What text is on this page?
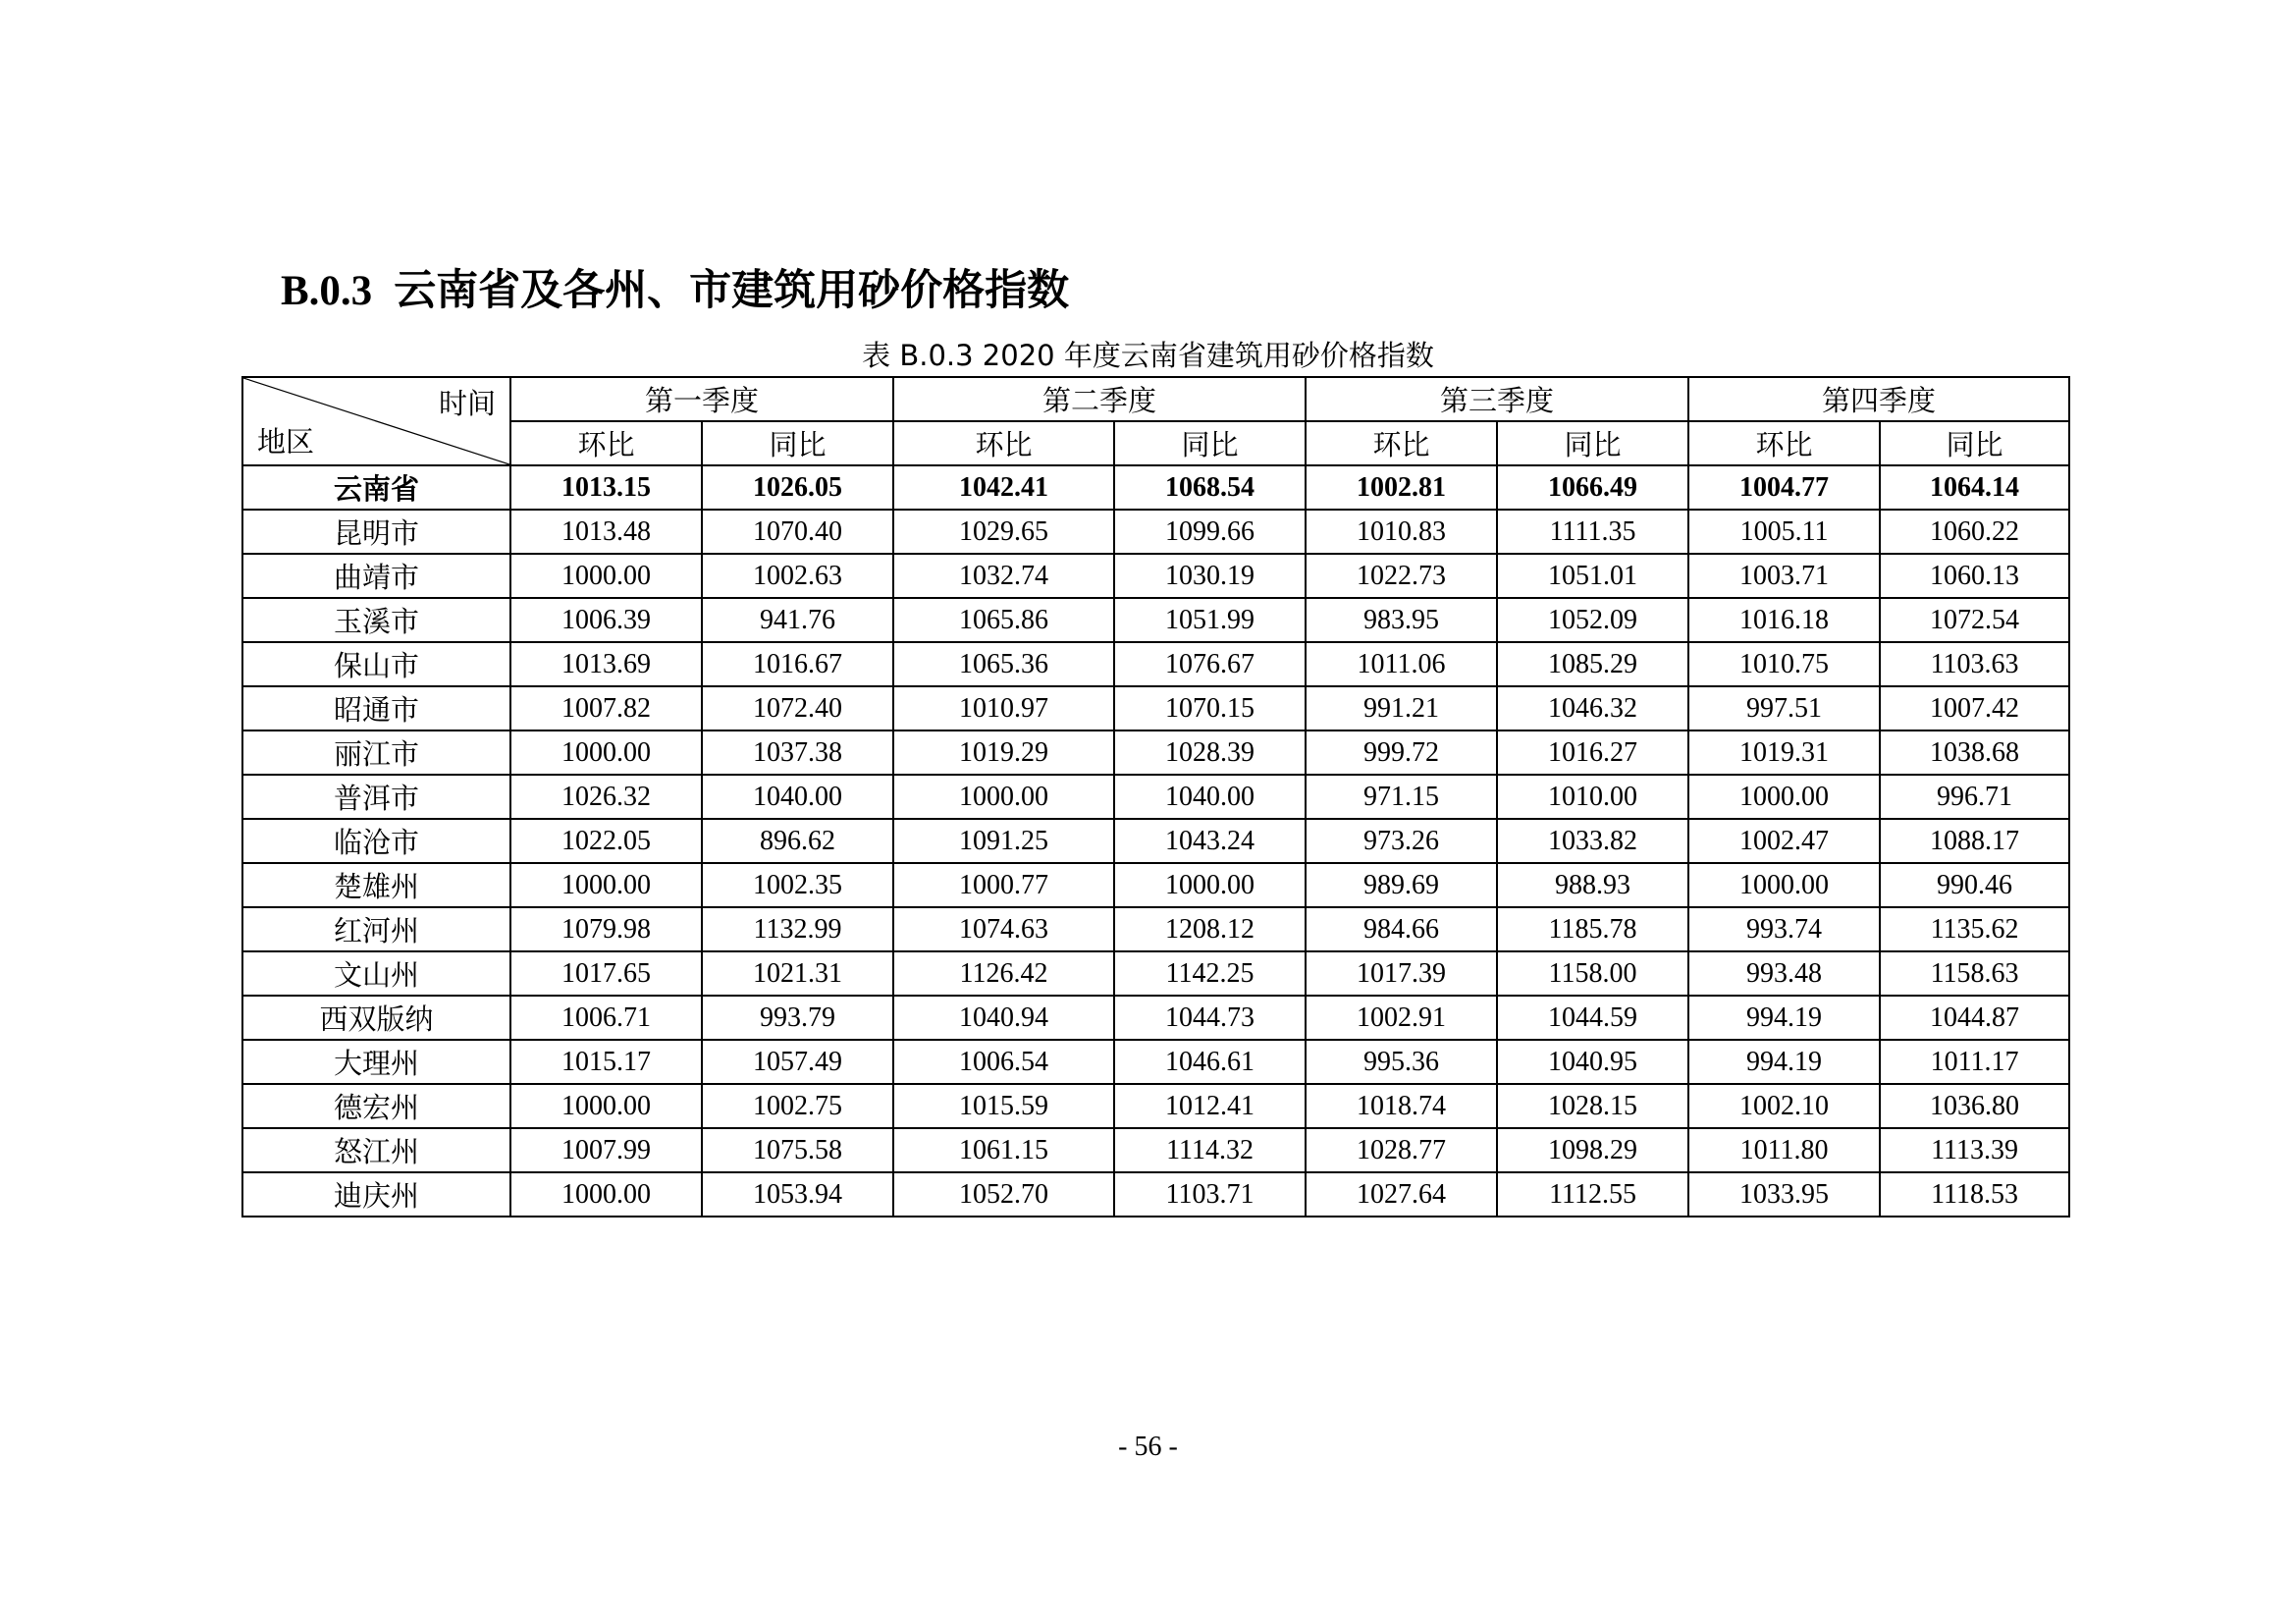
B.0.3 云南省及各州、市建筑用砂价格指数
表 B.0.3 2020 年度云南省建筑用砂价格指数
时间
地区	第一季度		第二季度		第三季度		第四季度	
	环比	同比	环比	同比	环比	同比	环比	同比
云南省	1013.15	1026.05	1042.41	1068.54	1002.81	1066.49	1004.77	1064.14
昆明市	1013.48	1070.40	1029.65	1099.66	1010.83	1111.35	1005.11	1060.22
曲靖市	1000.00	1002.63	1032.74	1030.19	1022.73	1051.01	1003.71	1060.13
玉溪市	1006.39	941.76	1065.86	1051.99	983.95	1052.09	1016.18	1072.54
保山市	1013.69	1016.67	1065.36	1076.67	1011.06	1085.29	1010.75	1103.63
昭通市	1007.82	1072.40	1010.97	1070.15	991.21	1046.32	997.51	1007.42
丽江市	1000.00	1037.38	1019.29	1028.39	999.72	1016.27	1019.31	1038.68
普洱市	1026.32	1040.00	1000.00	1040.00	971.15	1010.00	1000.00	996.71
临沧市	1022.05	896.62	1091.25	1043.24	973.26	1033.82	1002.47	1088.17
楚雄州	1000.00	1002.35	1000.77	1000.00	989.69	988.93	1000.00	990.46
红河州	1079.98	1132.99	1074.63	1208.12	984.66	1185.78	993.74	1135.62
文山州	1017.65	1021.31	1126.42	1142.25	1017.39	1158.00	993.48	1158.63
西双版纳	1006.71	993.79	1040.94	1044.73	1002.91	1044.59	994.19	1044.87
大理州	1015.17	1057.49	1006.54	1046.61	995.36	1040.95	994.19	1011.17
德宏州	1000.00	1002.75	1015.59	1012.41	1018.74	1028.15	1002.10	1036.80
怒江州	1007.99	1075.58	1061.15	1114.32	1028.77	1098.29	1011.80	1113.39
迪庆州	1000.00	1053.94	1052.70	1103.71	1027.64	1112.55	1033.95	1118.53
- 56 -
